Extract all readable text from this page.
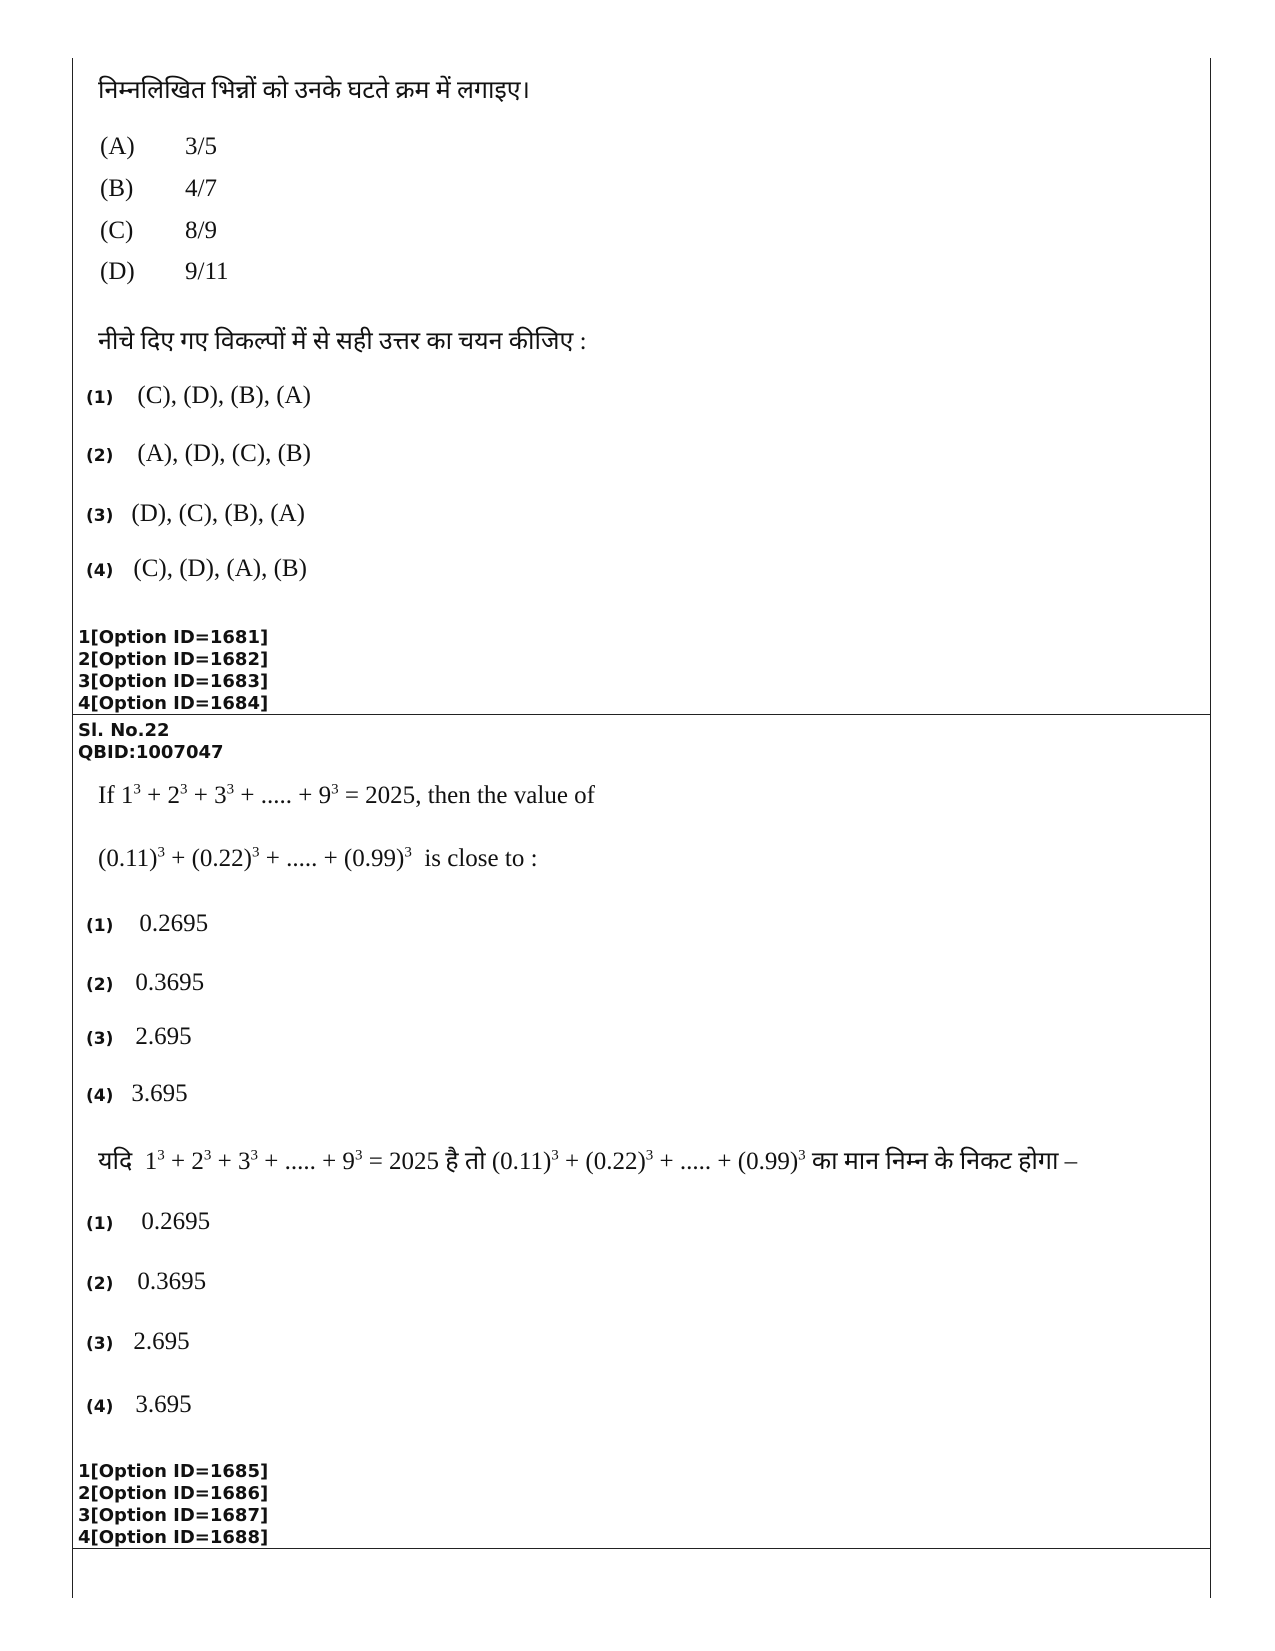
निम्नलिखित भिन्नों को उनके घटते क्रम में लगाइए।
(A) 3/5
(B) 4/7
(C) 8/9
(D) 9/11
नीचे दिए गए विकल्पों में से सही उत्तर का चयन कीजिए :
(1) (C), (D), (B), (A)
(2) (A), (D), (C), (B)
(3) (D), (C), (B), (A)
(4) (C), (D), (A), (B)
1[Option ID=1681]
2[Option ID=1682]
3[Option ID=1683]
4[Option ID=1684]
Sl. No.22
QBID:1007047
If $1^3 + 2^3 + 3^3$ + ..... + $9^3 = 2025$, then the value of
$(0.11)^3 + (0.22)^3$ + ..... + $(0.99)^3$ is close to :
(1) 0.2695
(2) 0.3695
(3) 2.695
(4) 3.695
यदि  $1^3 + 2^3 + 3^3$ + ..... + $9^3 = 2025$ है तो $(0.11)^3 + (0.22)^3$ + ..... + $(0.99)^3$ का मान निम्न के निकट होगा –
(1) 0.2695
(2) 0.3695
(3) 2.695
(4) 3.695
1[Option ID=1685]
2[Option ID=1686]
3[Option ID=1687]
4[Option ID=1688]
